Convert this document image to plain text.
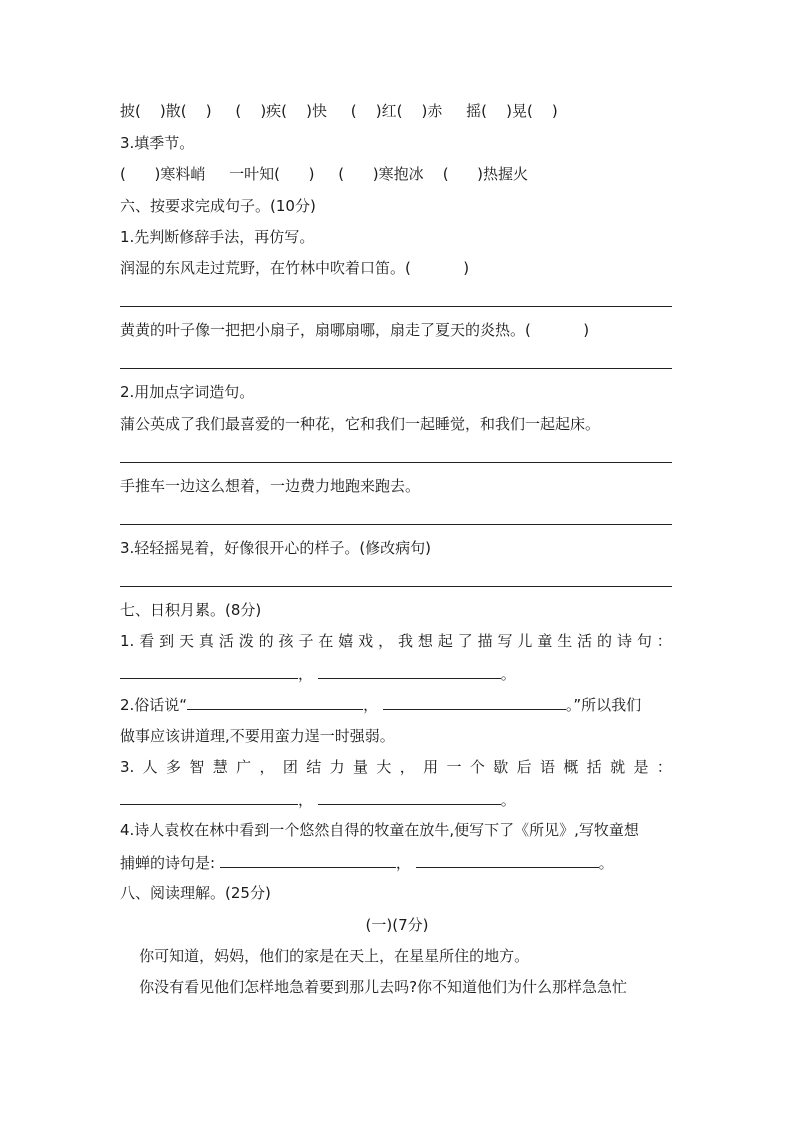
披(    )散(    )     (    )疾(    )快     (    )红(    )赤     摇(    )晃(    )
3.填季节。
(      )寒料峭     一叶知(      )     (      )寒抱冰    (      )热握火
六、按要求完成句子。(10分)
1.先判断修辞手法，再仿写。
润湿的东风走过荒野，在竹林中吹着口笛。(           )
黄黄的叶子像一把把小扇子，扇哪扇哪，扇走了夏天的炎热。(           )
2.用加点字词造句。
蒲公英成了我们最喜爱的一种花，它和我们一起睡觉，和我们一起起床。
手推车一边这么想着，一边费力地跑来跑去。
3.轻轻摇晃着，好像很开心的样子。(修改病句)
七、日积月累。(8分)
1. 看 到 天 真 活 泼 的 孩 子 在 嬉 戏 ， 我 想 起 了 描 写 儿 童 生 活 的 诗 句 ：
，	。
2.俗话说“	，	。”所以我们
做事应该讲道理,不要用蛮力逞一时强弱。
3. 人 多 智 慧 广 ， 团 结 力 量 大 ， 用 一 个 歇 后 语 概 括 就 是 ：
，	。
4.诗人袁枚在林中看到一个悠然自得的牧童在放牛,便写下了《所见》,写牧童想
捕蝉的诗句是:	，	。
八、阅读理解。(25分)
(一)(7分)
你可知道，妈妈，他们的家是在天上，在星星所住的地方。
你没有看见他们怎样地急着要到那儿去吗?你不知道他们为什么那样急急忙
